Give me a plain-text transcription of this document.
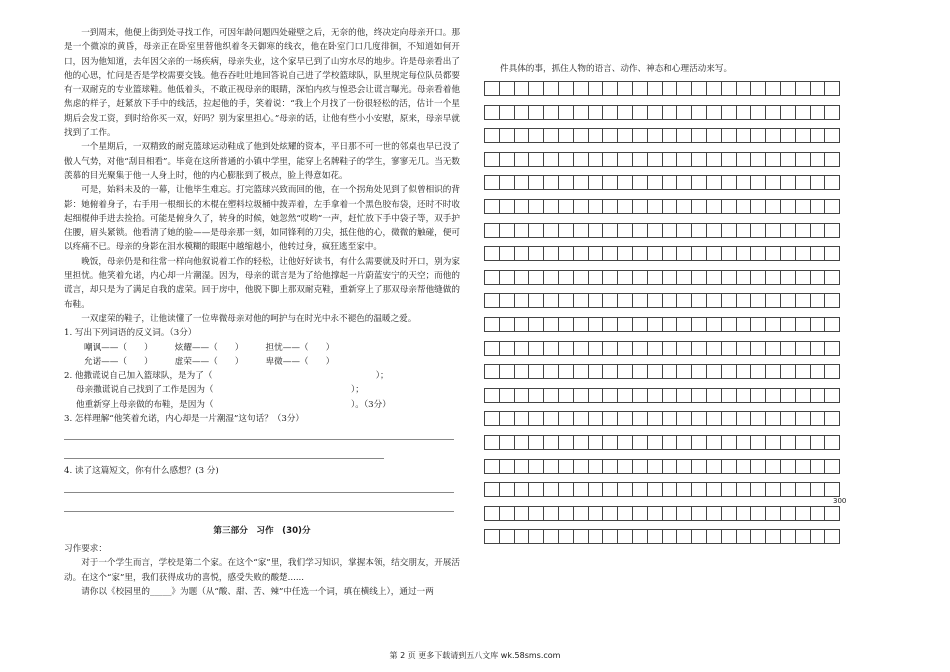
一到周末，他便上街到处寻找工作，可因年龄问题四处碰壁之后，无奈的他，终决定向母亲开口。那是一个微凉的黄昏，母亲正在卧室里替他织着冬天御寒的线衣，他在卧室门口几度徘徊，不知道如何开口，因为他知道，去年因父亲的一场疾病，母亲失业，这个家早已到了山穷水尽的地步。许是母亲看出了他的心思，忙问是否是学校需要交钱。他吞吞吐吐地回答说自己进了学校篮球队，队里规定每位队员都要有一双耐克的专业篮球鞋。他低着头，不敢正视母亲的眼睛，深怕内疚与惶恐会让谎言曝光。母亲看着他焦虑的样子，赶紧放下手中的线活，拉起他的手，笑着说：“我上个月找了一份很轻松的活，估计一个星期后会发工资，到时给你买一双，好吗？别为家里担心。”母亲的话，让他有些小小安慰，原来，母亲早就找到了工作。

一个星期后，一双精致的耐克篮球运动鞋成了他到处炫耀的资本，平日那不可一世的邻桌也早已没了傲人气势，对他“刮目相看”。毕竟在这所普通的小镇中学里，能穿上名牌鞋子的学生，寥寥无几。当无数羡慕的目光聚集于他一人身上时，他的内心膨胀到了极点，脸上得意如花。

可是，始料未及的一幕，让他毕生难忘。打完篮球兴致而回的他，在一个拐角处见到了似曾相识的背影：她俯着身子，右手用一根细长的木棍在塑料垃圾桶中拨弄着，左手拿着一个黑色胶布袋，还时不时收起细棍伸手进去捡拾。可能是俯身久了，转身的时候，她忽然“哎哟”一声，赶忙放下手中袋子等，双手护住腰，眉头紧锁。他看清了她的脸——是母亲那一刻，如同锋利的刀尖，抵住他的心，微微的触碰，便可以疼痛不已。母亲的身影在泪水模糊的眼眶中越缩越小，他转过身，疯狂逃至家中。

晚饭，母亲仍是和往常一样向他叙说着工作的轻松，让他好好读书，有什么需要就及时开口，别为家里担忧。他笑着允诺，内心却一片潮湿。因为，母亲的谎言是为了给他撑起一片蔚蓝安宁的天空；而他的谎言，却只是为了满足自我的虚荣。回于房中，他脱下脚上那双耐克鞋，重新穿上了那双母亲帮他缝做的布鞋。

一双虚荣的鞋子，让他读懂了一位卑微母亲对他的呵护与在时光中永不褪色的温暖之爱。

1. 写出下列词语的反义词。（3分）

嘲讽——（　　）	炫耀——（　　）	担忧——（　　）
允诺——（　　）	虚荣——（　　）	卑微——（　　）

2. 他撒谎说自己加入篮球队，是为了（　　　　　　　　　　　　　　　　　　　）；

母亲撒谎说自己找到了工作是因为（　　　　　　　　　　　　　　　　）；

他重新穿上母亲做的布鞋，是因为（　　　　　　　　　　　　　　　　）。（3分）

3. 怎样理解“他笑着允诺，内心却是一片潮湿”这句话？（3分）

4. 读了这篇短文，你有什么感想？(3 分)

第三部分　习作　(30)分

习作要求：

对于一个学生而言，学校是第二个家。在这个“家”里，我们学习知识，掌握本领，结交朋友，开展活动。在这个“家”里，我们获得成功的喜悦，感受失败的酸楚......

请你以《校园里的_____》为题（从“酸、甜、苦、辣”中任选一个词，填在横线上），通过一两

件具体的事，抓住人物的语言、动作、神态和心理活动来写。

300
第 2 页 更多下载请到五八文库 wk.58sms.com
